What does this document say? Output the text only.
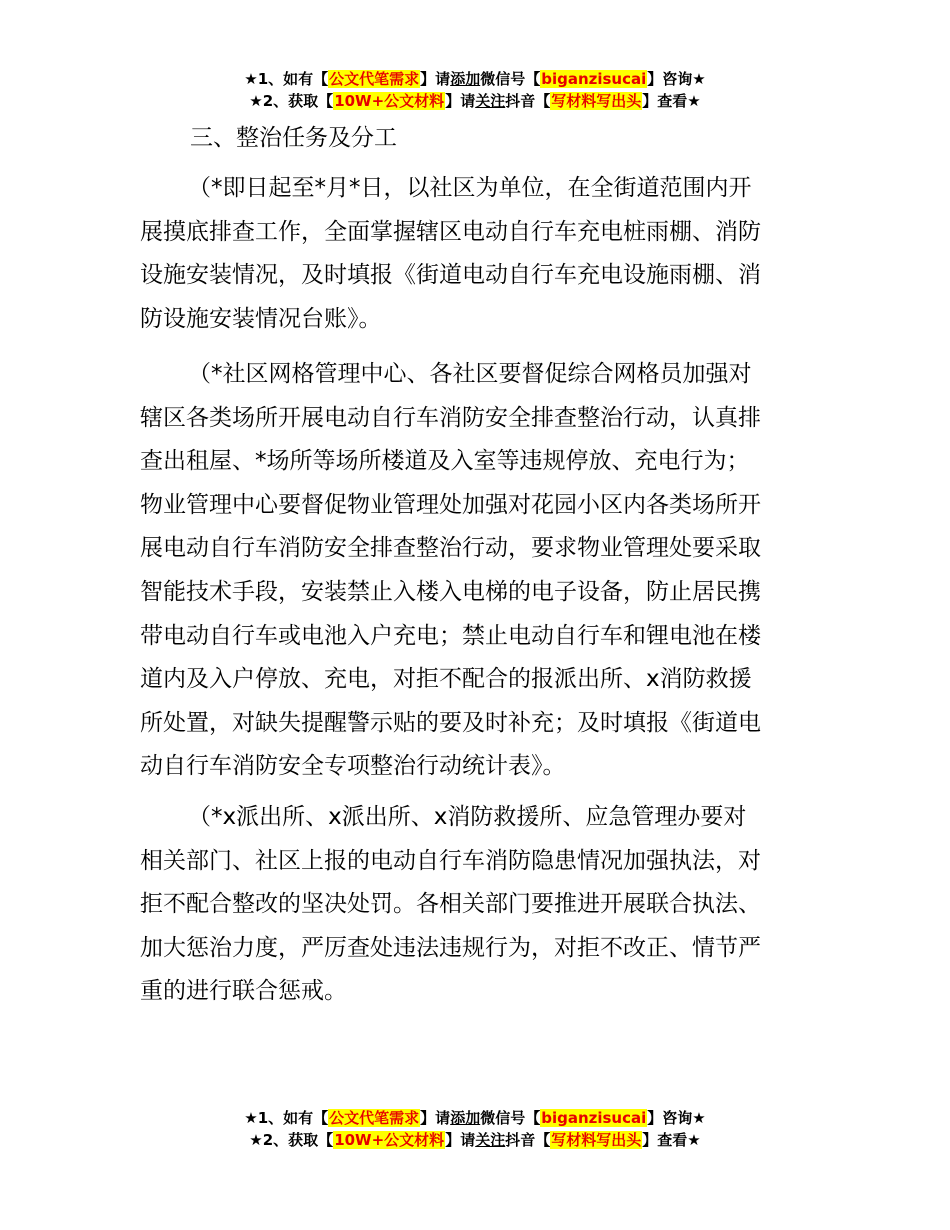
★1、如有【公文代笔需求】请添加微信号【biganzisucai】咨询★
★2、获取【10W+公文材料】请关注抖音【写材料写出头】查看★
三、整治任务及分工
（*即日起至*月*日，以社区为单位，在全街道范围内开
展摸底排查工作，全面掌握辖区电动自行车充电桩雨棚、消防
设施安装情况，及时填报《街道电动自行车充电设施雨棚、消
防设施安装情况台账》。
（*社区网格管理中心、各社区要督促综合网格员加强对
辖区各类场所开展电动自行车消防安全排查整治行动，认真排
查出租屋、*场所等场所楼道及入室等违规停放、充电行为；
物业管理中心要督促物业管理处加强对花园小区内各类场所开
展电动自行车消防安全排查整治行动，要求物业管理处要采取
智能技术手段，安装禁止入楼入电梯的电子设备，防止居民携
带电动自行车或电池入户充电；禁止电动自行车和锂电池在楼
道内及入户停放、充电，对拒不配合的报派出所、x消防救援
所处置，对缺失提醒警示贴的要及时补充；及时填报《街道电
动自行车消防安全专项整治行动统计表》。
（*x派出所、x派出所、x消防救援所、应急管理办要对
相关部门、社区上报的电动自行车消防隐患情况加强执法，对
拒不配合整改的坚决处罚。各相关部门要推进开展联合执法、
加大惩治力度，严厉查处违法违规行为，对拒不改正、情节严
重的进行联合惩戒。
★1、如有【公文代笔需求】请添加微信号【biganzisucai】咨询★
★2、获取【10W+公文材料】请关注抖音【写材料写出头】查看★
